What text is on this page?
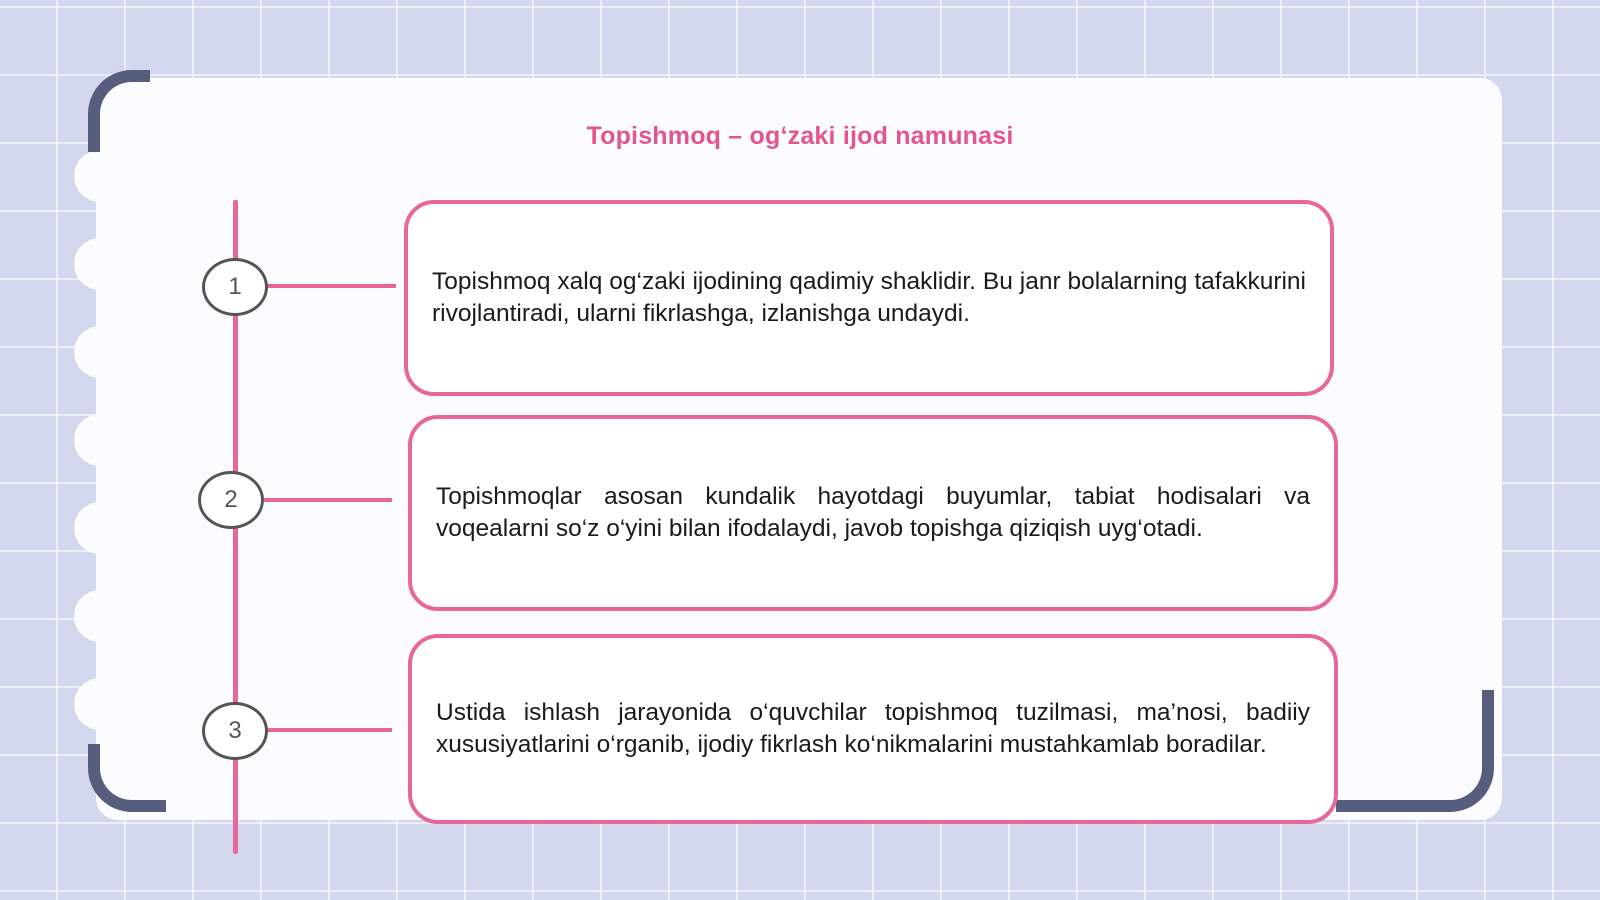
Topishmoq – og‘zaki ijod namunasi
1	Topishmoq xalq og‘zaki ijodining qadimiy shaklidir. Bu janr bolalarning tafakkurini rivojlantiradi, ularni fikrlashga, izlanishga undaydi.
2	Topishmoqlar asosan kundalik hayotdagi buyumlar, tabiat hodisalari va voqealarni so‘z o‘yini bilan ifodalaydi, javob topishga qiziqish uyg‘otadi.
3
Ustida ishlash jarayonida o‘quvchilar topishmoq tuzilmasi, ma’nosi, badiiy xususiyatlarini o‘rganib, ijodiy fikrlash ko‘nikmalarini mustahkamlab boradilar.
